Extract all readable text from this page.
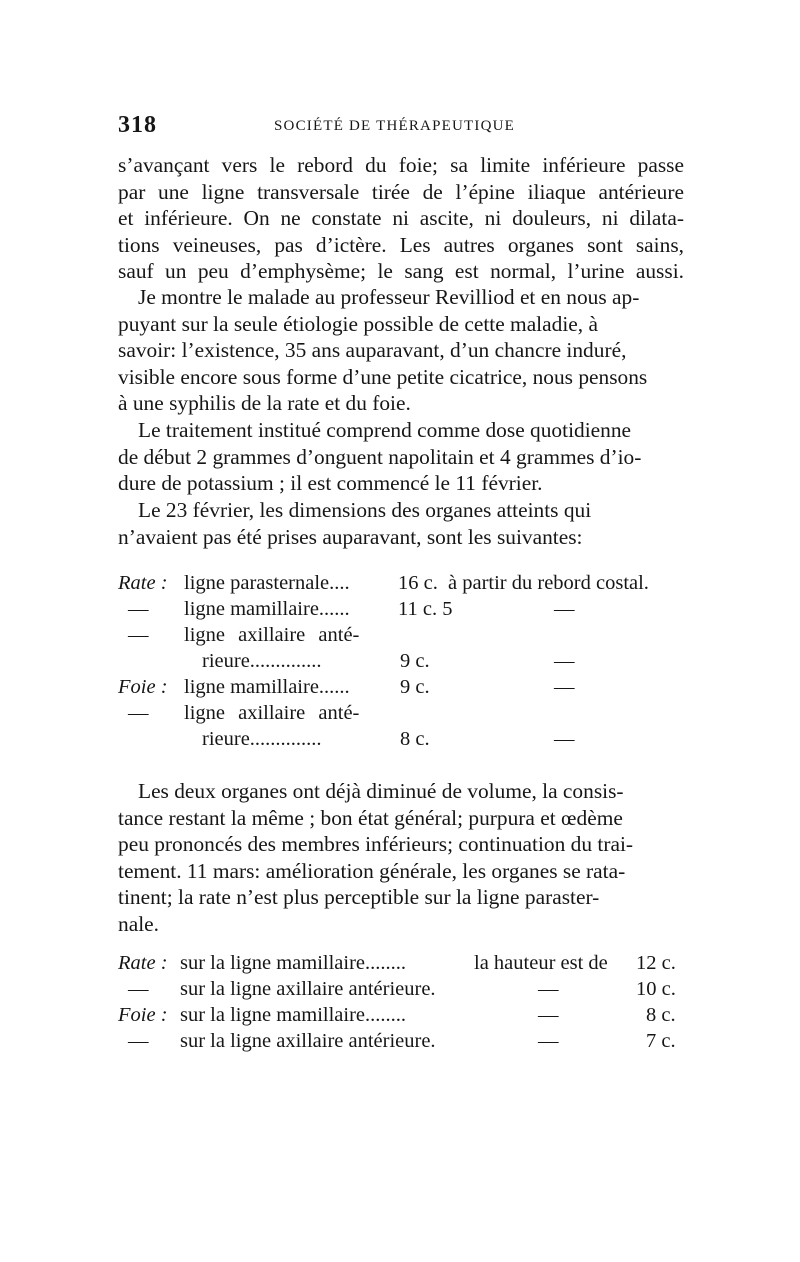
318	SOCIÉTÉ DE THÉRAPEUTIQUE

s’avançant vers le rebord du foie; sa limite inférieure passe
par une ligne transversale tirée de l’épine iliaque antérieure
et inférieure. On ne constate ni ascite, ni douleurs, ni dilata-
tions veineuses, pas d’ictère. Les autres organes sont sains,
sauf un peu d’emphysème; le sang est normal, l’urine aussi.

Je montre le malade au professeur Revilliod et en nous ap-
puyant sur la seule étiologie possible de cette maladie, à
savoir: l’existence, 35 ans auparavant, d’un chancre induré,
visible encore sous forme d’une petite cicatrice, nous pensons
à une syphilis de la rate et du foie.

Le traitement institué comprend comme dose quotidienne
de début 2 grammes d’onguent napolitain et 4 grammes d’io-
dure de potassium ; il est commencé le 11 février.

Le 23 février, les dimensions des organes atteints qui
n’avaient pas été prises auparavant, sont les suivantes:

Rate : ligne parasternale.... 16 c. à partir du rebord costal.
— ligne mamillaire...... 11 c. 5	—
— ligne axillaire anté-
rieure..............	9 c.	—
Foie : ligne mamillaire...... 9 c.	—
— ligne axillaire anté-
rieure..............	8 c.	—

Les deux organes ont déjà diminué de volume, la consis-
tance restant la même ; bon état général; purpura et œdème
peu prononcés des membres inférieurs; continuation du trai-
tement. 11 mars: amélioration générale, les organes se rata-
tinent; la rate n’est plus perceptible sur la ligne paraster-
nale.

Rate : sur la ligne mamillaire........	la hauteur est de 12 c.
— sur la ligne axillaire antérieure.	—	10 c.
Foie : sur la ligne mamillaire........	—	8 c.
— sur la ligne axillaire antérieure.	—	7 c.
